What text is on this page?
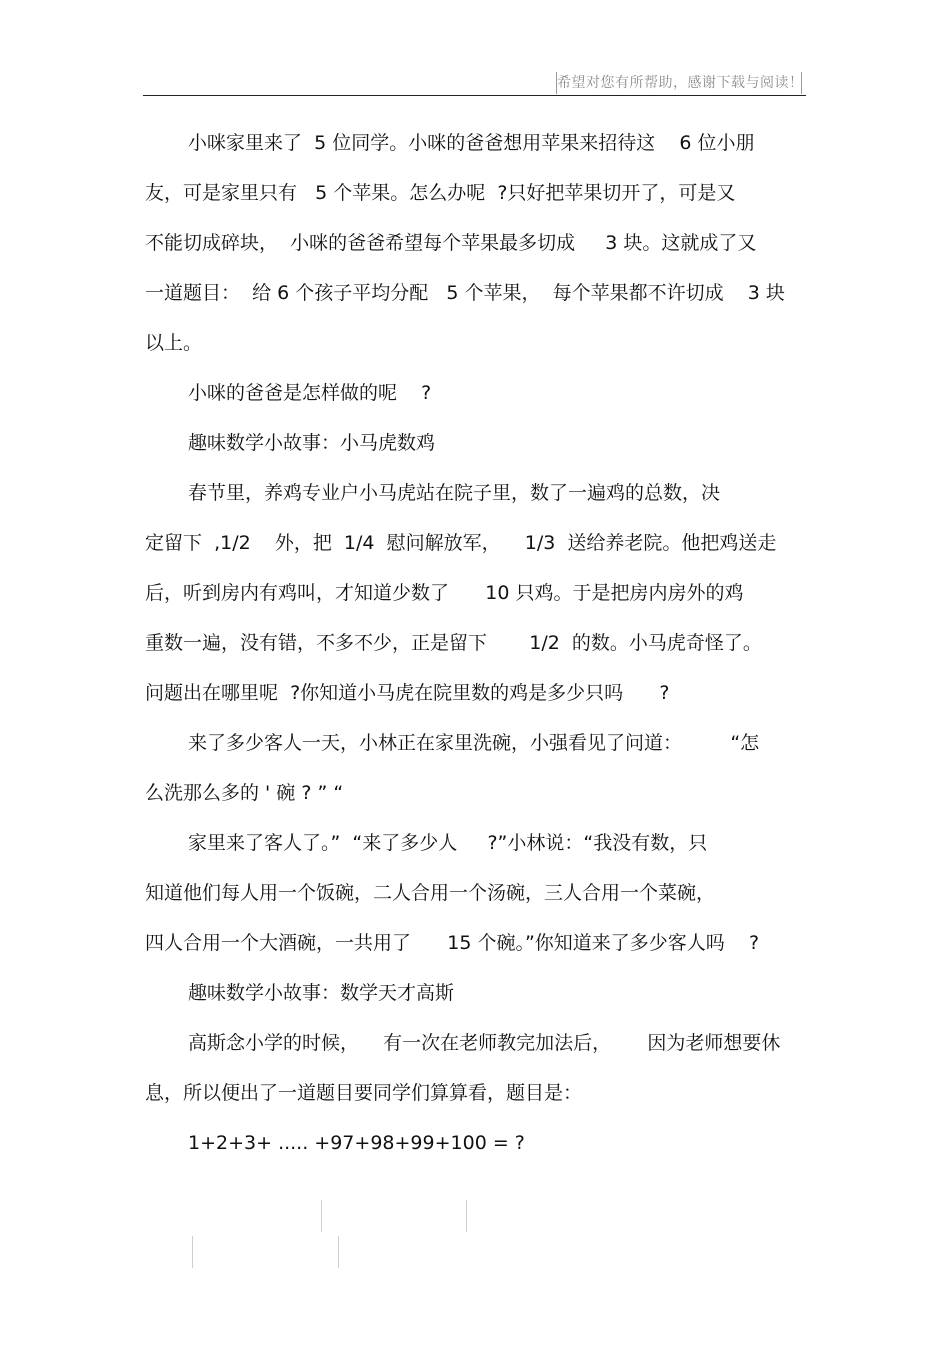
希望对您有所帮助，感谢下载与阅读！
小咪家里来了  5 位同学。小咪的爸爸想用苹果来招待这    6 位小朋
友，可是家里只有   5 个苹果。怎么办呢  ?只好把苹果切开了，可是又
不能切成碎块，  小咪的爸爸希望每个苹果最多切成     3 块。这就成了又
一道题目：  给 6 个孩子平均分配   5 个苹果，  每个苹果都不许切成    3 块
以上。
小咪的爸爸是怎样做的呢    ?
趣味数学小故事：小马虎数鸡
春节里，养鸡专业户小马虎站在院子里，数了一遍鸡的总数，决
定留下  ,1/2    外，把  1/4  慰问解放军，    1/3  送给养老院。他把鸡送走
后，听到房内有鸡叫，才知道少数了      10 只鸡。于是把房内房外的鸡
重数一遍，没有错，不多不少，正是留下       1/2  的数。小马虎奇怪了。
问题出在哪里呢  ?你知道小马虎在院里数的鸡是多少只吗      ?
来了多少客人一天，小林正在家里洗碗，小强看见了问道：        “怎
么洗那么多的 ' 碗 ? ” “
家里来了客人了。”  “来了多少人     ?”小林说：“我没有数，只
知道他们每人用一个饭碗，二人合用一个汤碗，三人合用一个菜碗，
四人合用一个大酒碗，一共用了      15 个碗。”你知道来了多少客人吗    ?
趣味数学小故事：数学天才高斯
高斯念小学的时候，    有一次在老师教完加法后，      因为老师想要休
息，所以便出了一道题目要同学们算算看，题目是：
1+2+3+ ..... +97+98+99+100 = ?
